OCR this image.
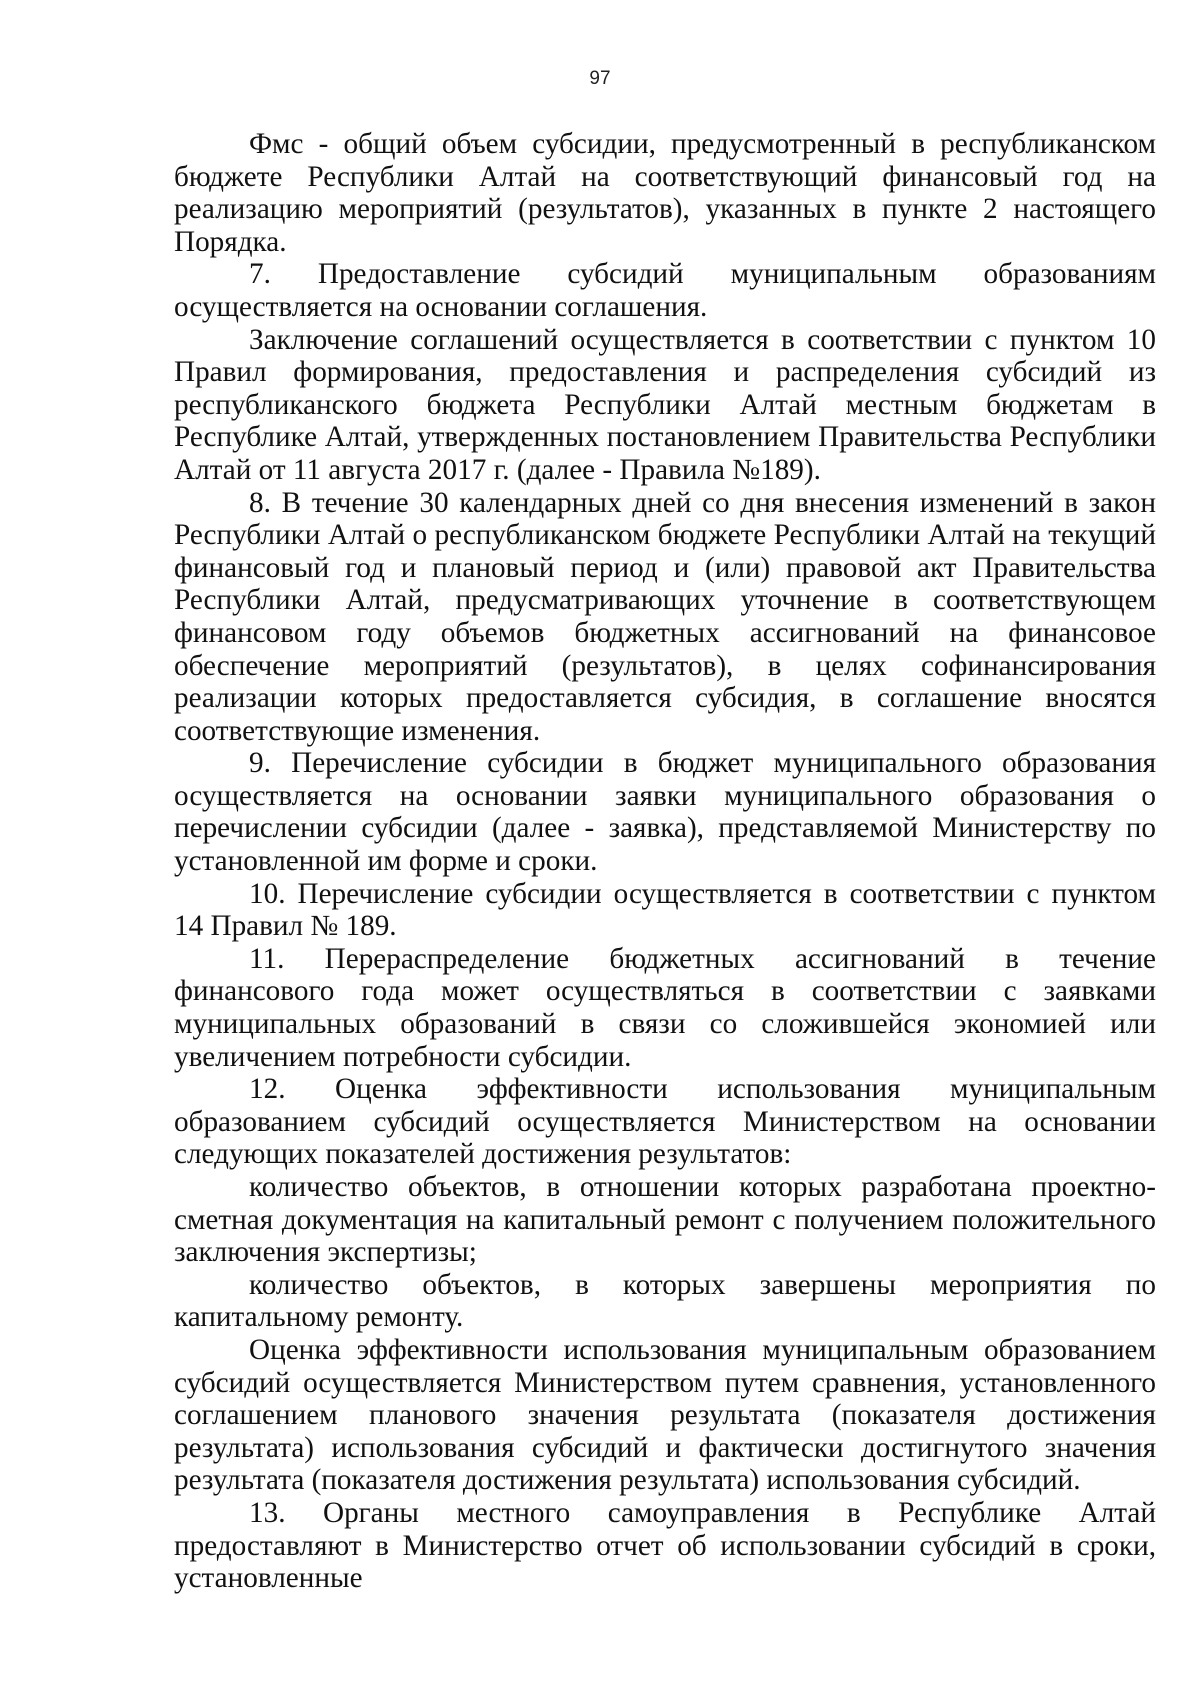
97

Фмс - общий объем субсидии, предусмотренный в республиканском бюджете Республики Алтай на соответствующий финансовый год на реализацию мероприятий (результатов), указанных в пункте 2 настоящего Порядка.

7. Предоставление субсидий муниципальным образованиям осуществляется на основании соглашения.

Заключение соглашений осуществляется в соответствии с пунктом 10 Правил формирования, предоставления и распределения субсидий из республиканского бюджета Республики Алтай местным бюджетам в Республике Алтай, утвержденных постановлением Правительства Республики Алтай от 11 августа 2017 г. (далее - Правила №189).

8. В течение 30 календарных дней со дня внесения изменений в закон Республики Алтай о республиканском бюджете Республики Алтай на текущий финансовый год и плановый период и (или) правовой акт Правительства Республики Алтай, предусматривающих уточнение в соответствующем финансовом году объемов бюджетных ассигнований на финансовое обеспечение мероприятий (результатов), в целях софинансирования реализации которых предоставляется субсидия, в соглашение вносятся соответствующие изменения.

9. Перечисление субсидии в бюджет муниципального образования осуществляется на основании заявки муниципального образования о перечислении субсидии (далее - заявка), представляемой Министерству по установленной им форме и сроки.

10. Перечисление субсидии осуществляется в соответствии с пунктом 14 Правил № 189.

11. Перераспределение бюджетных ассигнований в течение финансового года может осуществляться в соответствии с заявками муниципальных образований в связи со сложившейся экономией или увеличением потребности субсидии.

12. Оценка эффективности использования муниципальным образованием субсидий осуществляется Министерством на основании следующих показателей достижения результатов:

количество объектов, в отношении которых разработана проектно-сметная документация на капитальный ремонт с получением положительного заключения экспертизы;

количество объектов, в которых завершены мероприятия по капитальному ремонту.

Оценка эффективности использования муниципальным образованием субсидий осуществляется Министерством путем сравнения, установленного соглашением планового значения результата (показателя достижения результата) использования субсидий и фактически достигнутого значения результата (показателя достижения результата) использования субсидий.

13. Органы местного самоуправления в Республике Алтай предоставляют в Министерство отчет об использовании субсидий в сроки, установленные
